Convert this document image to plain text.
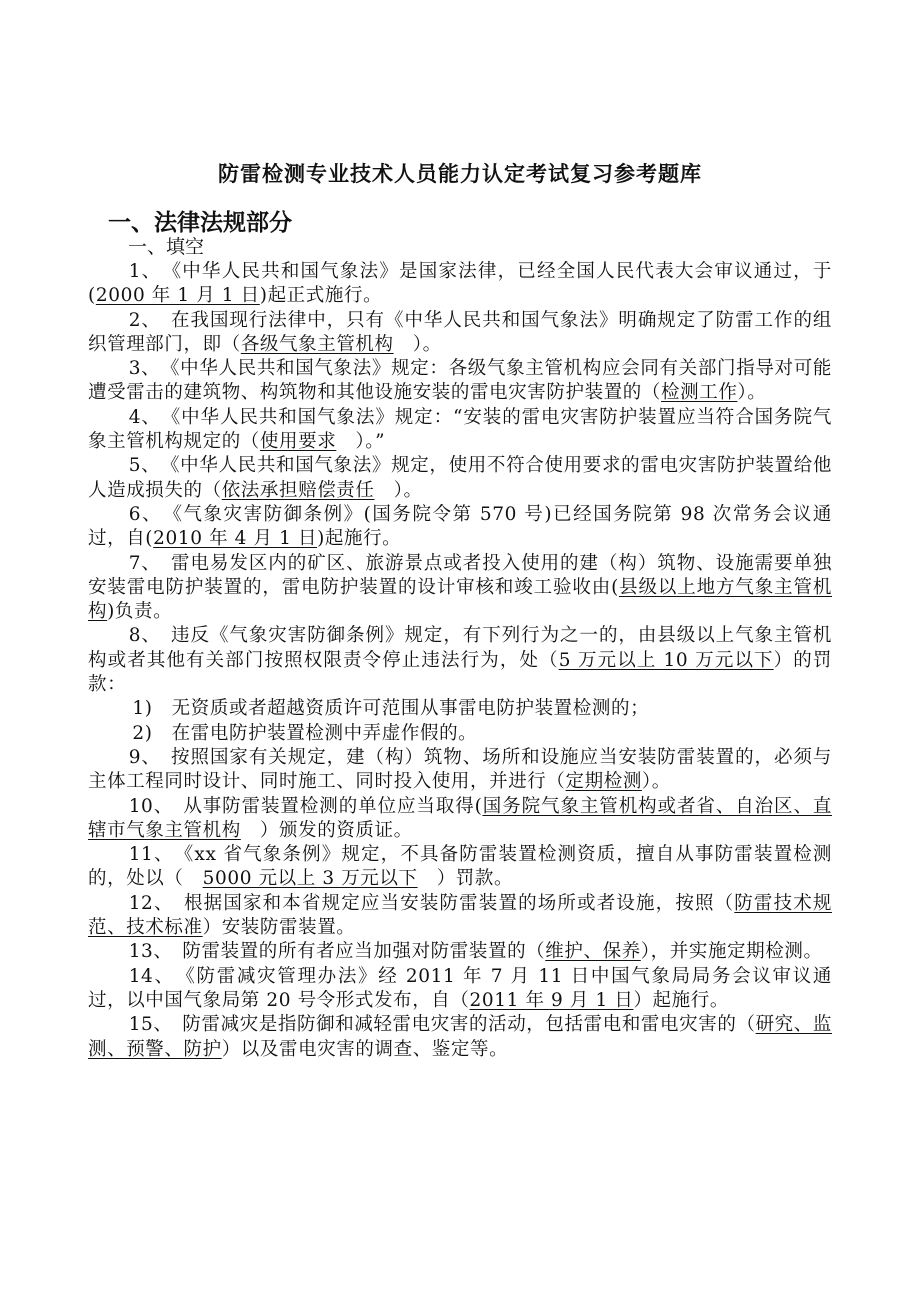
防雷检测专业技术人员能力认定考试复习参考题库
一、法律法规部分
一、填空

1、　《中华人民共和国气象法》是国家法律，已经全国人民代表大会审议通过，于(2000 年 1 月 1 日)起正式施行。

2、　在我国现行法律中，只有《中华人民共和国气象法》明确规定了防雷工作的组织管理部门，即（各级气象主管机构　）。

3、　《中华人民共和国气象法》规定：各级气象主管机构应会同有关部门指导对可能遭受雷击的建筑物、构筑物和其他设施安装的雷电灾害防护装置的（检测工作）。

4、　《中华人民共和国气象法》规定：“安装的雷电灾害防护装置应当符合国务院气象主管机构规定的（使用要求　）。”

5、　《中华人民共和国气象法》规定，使用不符合使用要求的雷电灾害防护装置给他人造成损失的（依法承担赔偿责任　）。

6、　《气象灾害防御条例》(国务院令第 570 号)已经国务院第 98 次常务会议通过，自(2010 年 4 月 1 日)起施行。

7、　雷电易发区内的矿区、旅游景点或者投入使用的建（构）筑物、设施需要单独安装雷电防护装置的，雷电防护装置的设计审核和竣工验收由(县级以上地方气象主管机构)负责。

8、　违反《气象灾害防御条例》规定，有下列行为之一的，由县级以上气象主管机构或者其他有关部门按照权限责令停止违法行为，处（5 万元以上 10 万元以下）的罚款：

1)　无资质或者超越资质许可范围从事雷电防护装置检测的；

2)　在雷电防护装置检测中弄虚作假的。

9、　按照国家有关规定，建（构）筑物、场所和设施应当安装防雷装置的，必须与主体工程同时设计、同时施工、同时投入使用，并进行（定期检测）。

10、　从事防雷装置检测的单位应当取得(国务院气象主管机构或者省、自治区、直辖市气象主管机构　）颁发的资质证。

11、　《xx 省气象条例》规定，不具备防雷装置检测资质，擅自从事防雷装置检测的，处以（　5000 元以上 3 万元以下　）罚款。

12、　根据国家和本省规定应当安装防雷装置的场所或者设施，按照（防雷技术规范、技术标准）安装防雷装置。

13、　防雷装置的所有者应当加强对防雷装置的（维护、保养），并实施定期检测。

14、　《防雷减灾管理办法》经 2011 年 7 月 11 日中国气象局局务会议审议通过，以中国气象局第 20 号令形式发布，自（2011 年 9 月 1 日）起施行。

15、　防雷减灾是指防御和减轻雷电灾害的活动，包括雷电和雷电灾害的（研究、监测、预警、防护）以及雷电灾害的调查、鉴定等。
